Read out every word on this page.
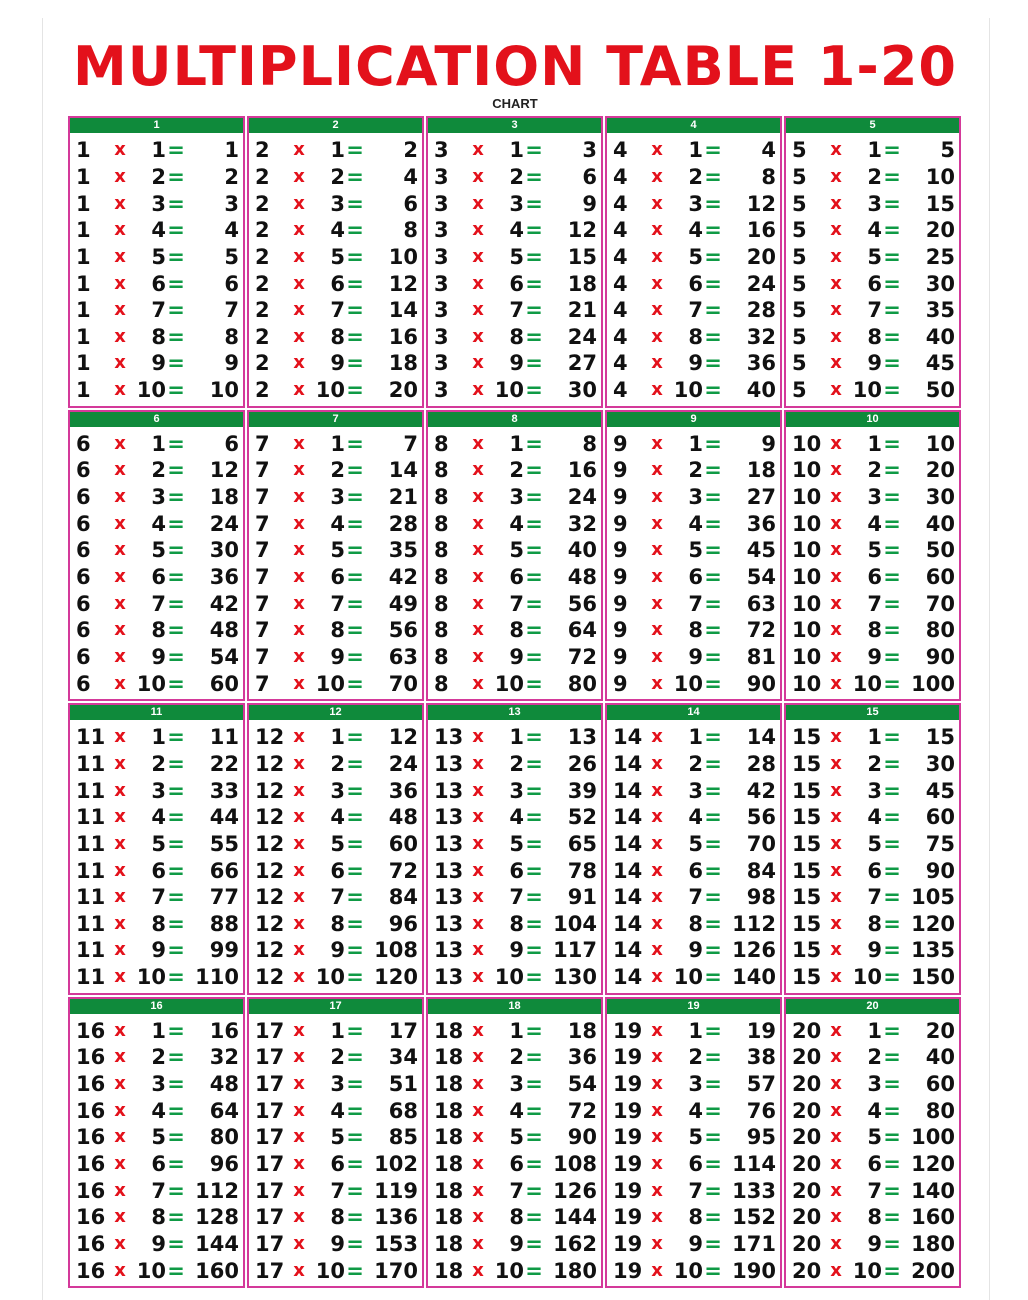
MULTIPLICATION TABLE 1-20
CHART
1
1	x	1 =	1
1	x	2 =	2
1	x	3 =	3
1	x	4 =	4
1	x	5 =	5
1	x	6 =	6
1	x	7 =	7
1	x	8 =	8
1	x	9 =	9
1	x 10 =	10
2
2	x	1 =	2
2	x	2 =	4
2	x	3 =	6
2	x	4 =	8
2	x	5 =	10
2	x	6 =	12
2	x	7 =	14
2	x	8 =	16
2	x	9 =	18
2	x 10 =	20
3
3	x	1 =	3
3	x	2 =	6
3	x	3 =	9
3	x	4 =	12
3	x	5 =	15
3	x	6 =	18
3	x	7 =	21
3	x	8 =	24
3	x	9 =	27
3	x 10 =	30
4
4	x	1 =	4
4	x	2 =	8
4	x	3 =	12
4	x	4 =	16
4	x	5 =	20
4	x	6 =	24
4	x	7 =	28
4	x	8 =	32
4	x	9 =	36
4	x 10 =	40
5
5	x	1 =	5
5	x	2 =	10
5	x	3 =	15
5	x	4 =	20
5	x	5 =	25
5	x	6 =	30
5	x	7 =	35
5	x	8 =	40
5	x	9 =	45
5	x 10 =	50
6
6	x	1 =	6
6	x	2 =	12
6	x	3 =	18
6	x	4 =	24
6	x	5 =	30
6	x	6 =	36
6	x	7 =	42
6	x	8 =	48
6	x	9 =	54
6	x 10 =	60
7
7	x	1 =	7
7	x	2 =	14
7	x	3 =	21
7	x	4 =	28
7	x	5 =	35
7	x	6 =	42
7	x	7 =	49
7	x	8 =	56
7	x	9 =	63
7	x 10 =	70
8
8	x	1 =	8
8	x	2 =	16
8	x	3 =	24
8	x	4 =	32
8	x	5 =	40
8	x	6 =	48
8	x	7 =	56
8	x	8 =	64
8	x	9 =	72
8	x 10 =	80
9
9	x	1 =	9
9	x	2 =	18
9	x	3 =	27
9	x	4 =	36
9	x	5 =	45
9	x	6 =	54
9	x	7 =	63
9	x	8 =	72
9	x	9 =	81
9	x 10 =	90
10
10 x	1 =	10
10 x	2 =	20
10 x	3 =	30
10 x	4 =	40
10 x	5 =	50
10 x	6 =	60
10 x	7 =	70
10 x	8 =	80
10 x	9 =	90
10 x 10 = 100
11
11 x	1 =	11
11 x	2 =	22
11 x	3 =	33
11 x	4 =	44
11 x	5 =	55
11 x	6 =	66
11 x	7 =	77
11 x	8 =	88
11 x	9 =	99
11 x 10 = 110
12
12 x	1 =	12
12 x	2 =	24
12 x	3 =	36
12 x	4 =	48
12 x	5 =	60
12 x	6 =	72
12 x	7 =	84
12 x	8 =	96
12 x	9 = 108
12 x 10 = 120
13
13 x	1 =	13
13 x	2 =	26
13 x	3 =	39
13 x	4 =	52
13 x	5 =	65
13 x	6 =	78
13 x	7 =	91
13 x	8 = 104
13 x	9 = 117
13 x 10 = 130
14
14 x	1 =	14
14 x	2 =	28
14 x	3 =	42
14 x	4 =	56
14 x	5 =	70
14 x	6 =	84
14 x	7 =	98
14 x	8 = 112
14 x	9 = 126
14 x 10 = 140
15
15 x	1 =	15
15 x	2 =	30
15 x	3 =	45
15 x	4 =	60
15 x	5 =	75
15 x	6 =	90
15 x	7 = 105
15 x	8 = 120
15 x	9 = 135
15 x 10 = 150
16
16 x	1 =	16
16 x	2 =	32
16 x	3 =	48
16 x	4 =	64
16 x	5 =	80
16 x	6 =	96
16 x	7 = 112
16 x	8 = 128
16 x	9 = 144
16 x 10 = 160
17
17 x	1 =	17
17 x	2 =	34
17 x	3 =	51
17 x	4 =	68
17 x	5 =	85
17 x	6 = 102
17 x	7 = 119
17 x	8 = 136
17 x	9 = 153
17 x 10 = 170
18
18 x	1 =	18
18 x	2 =	36
18 x	3 =	54
18 x	4 =	72
18 x	5 =	90
18 x	6 = 108
18 x	7 = 126
18 x	8 = 144
18 x	9 = 162
18 x 10 = 180
19
19 x	1 =	19
19 x	2 =	38
19 x	3 =	57
19 x	4 =	76
19 x	5 =	95
19 x	6 = 114
19 x	7 = 133
19 x	8 = 152
19 x	9 = 171
19 x 10 = 190
20
20 x	1 =	20
20 x	2 =	40
20 x	3 =	60
20 x	4 =	80
20 x	5 = 100
20 x	6 = 120
20 x	7 = 140
20 x	8 = 160
20 x	9 = 180
20 x 10 = 200
